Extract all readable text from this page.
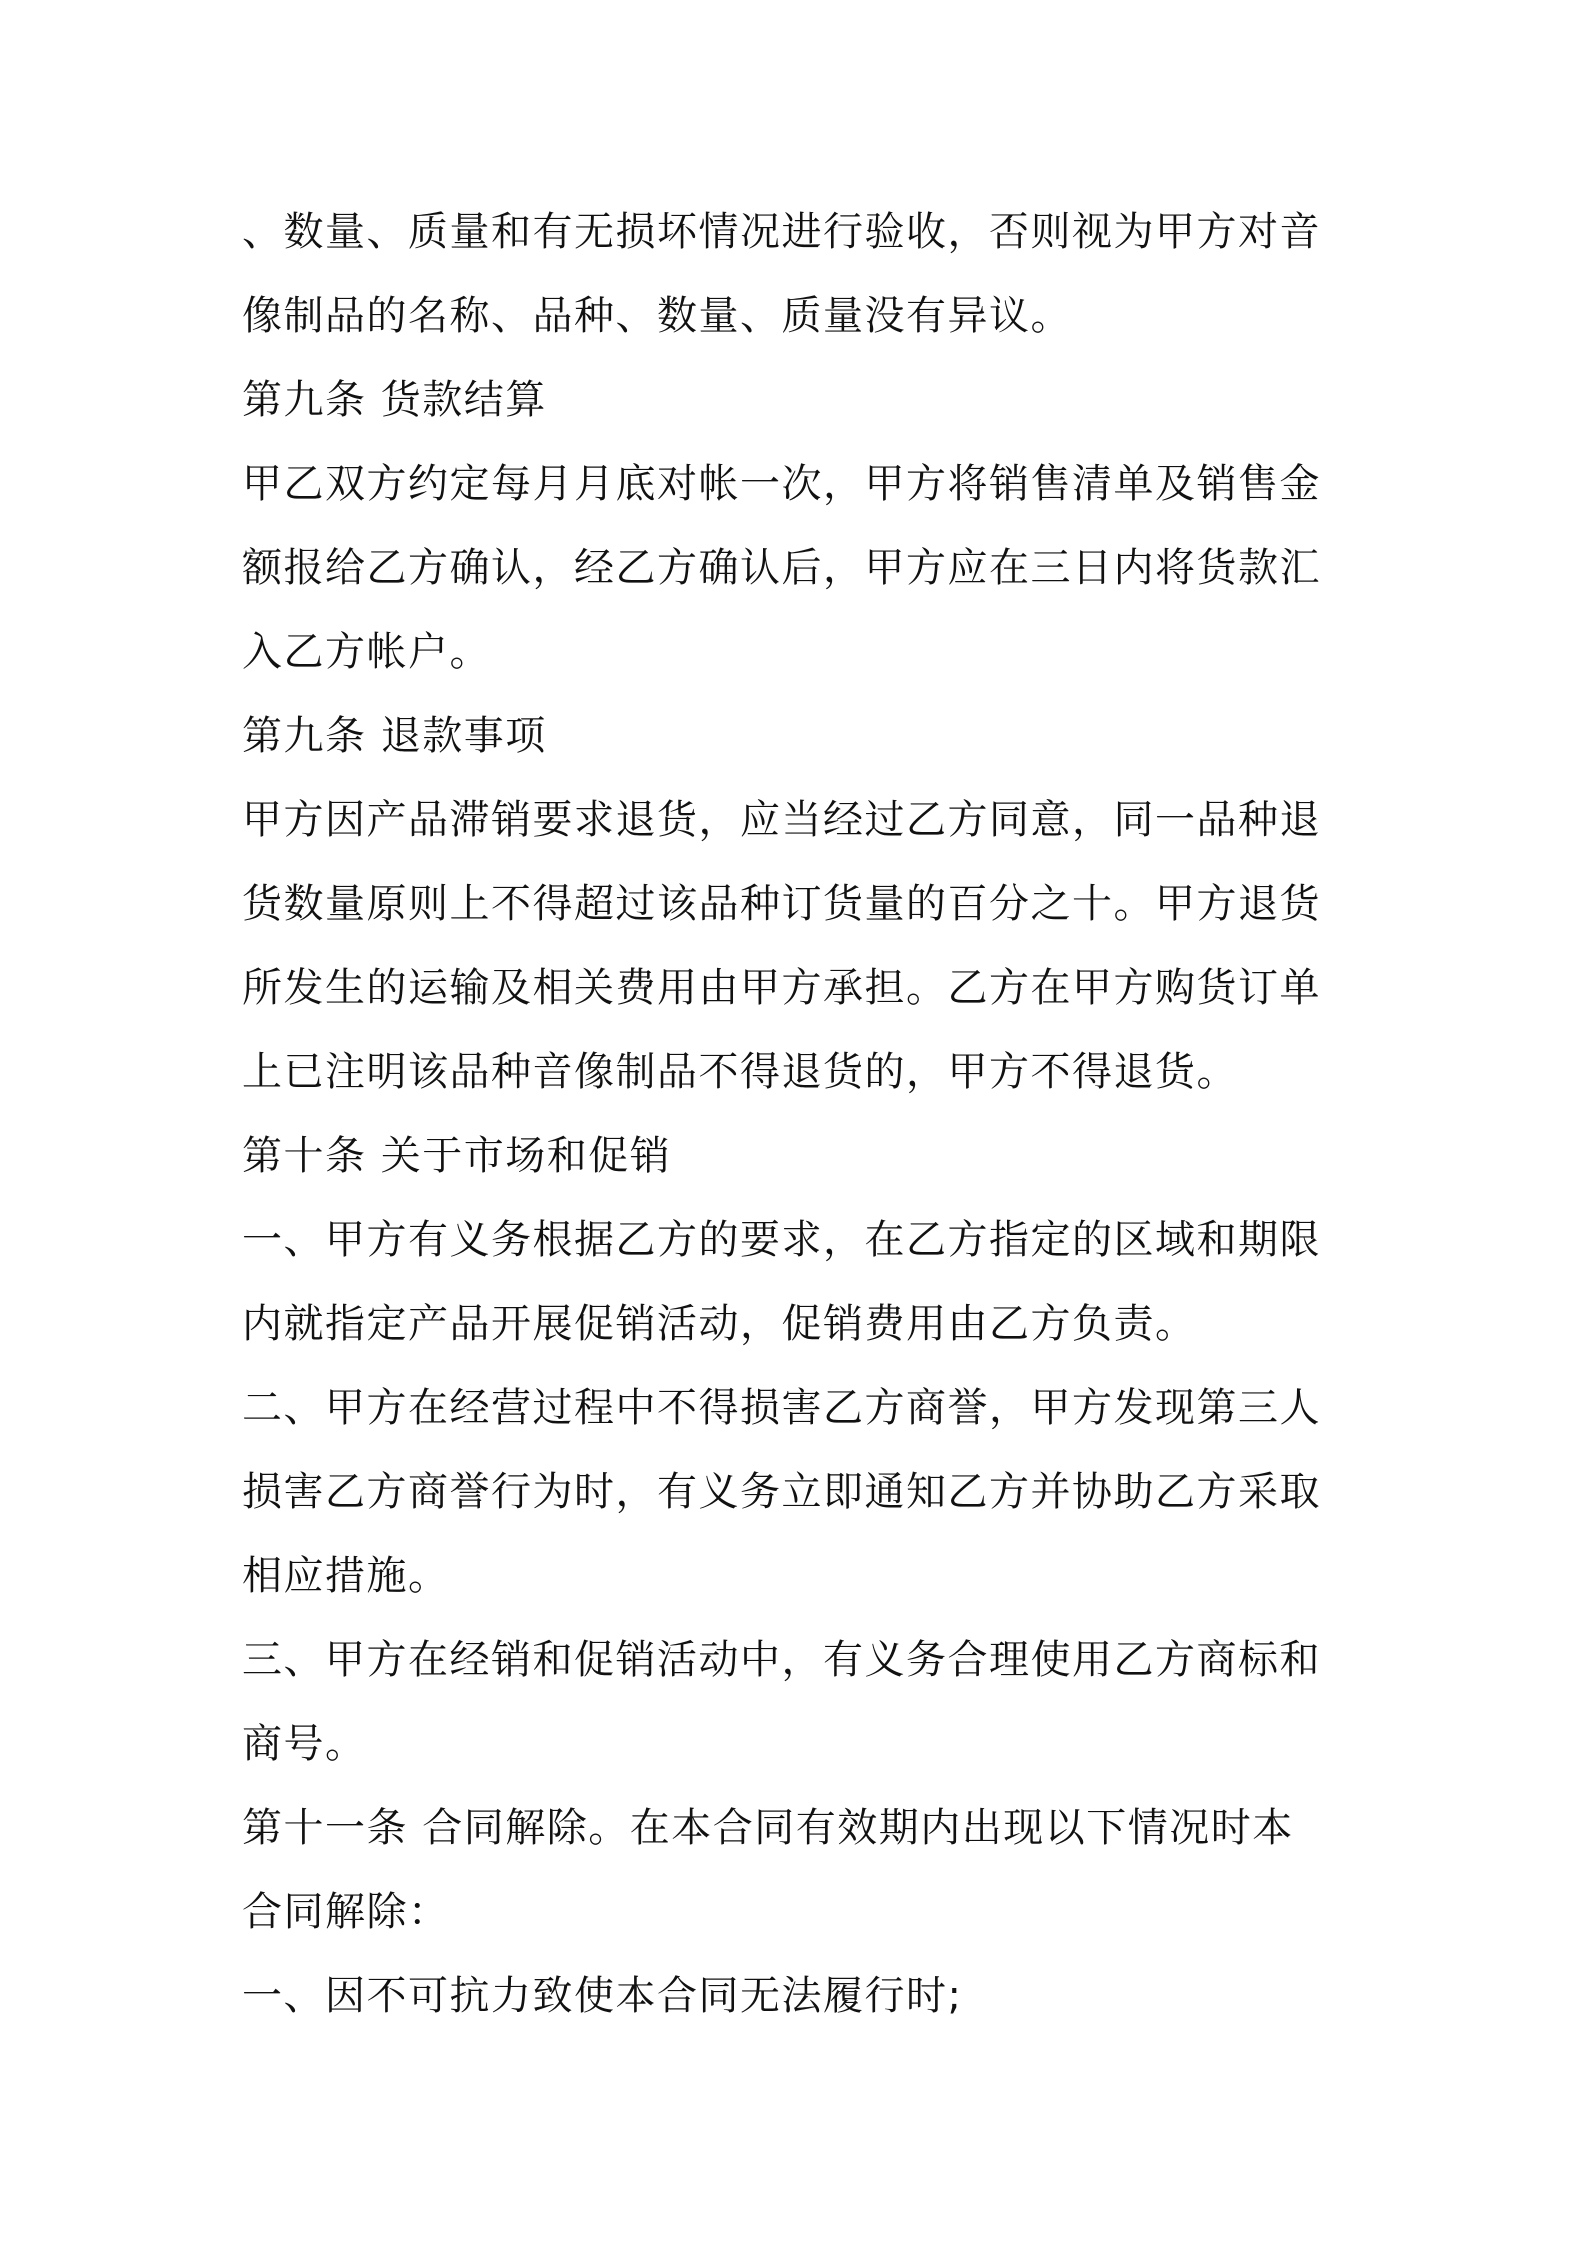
、数量、质量和有无损坏情况进行验收，否则视为甲方对音
像制品的名称、品种、数量、质量没有异议。
第九条 货款结算
甲乙双方约定每月月底对帐一次，甲方将销售清单及销售金
额报给乙方确认，经乙方确认后，甲方应在三日内将货款汇
入乙方帐户。
第九条 退款事项
甲方因产品滞销要求退货，应当经过乙方同意，同一品种退
货数量原则上不得超过该品种订货量的百分之十。甲方退货
所发生的运输及相关费用由甲方承担。乙方在甲方购货订单
上已注明该品种音像制品不得退货的，甲方不得退货。
第十条 关于市场和促销
一、甲方有义务根据乙方的要求，在乙方指定的区域和期限
内就指定产品开展促销活动，促销费用由乙方负责。
二、甲方在经营过程中不得损害乙方商誉，甲方发现第三人
损害乙方商誉行为时，有义务立即通知乙方并协助乙方采取
相应措施。
三、甲方在经销和促销活动中，有义务合理使用乙方商标和
商号。
第十一条 合同解除。在本合同有效期内出现以下情况时本
合同解除：
一、因不可抗力致使本合同无法履行时;
